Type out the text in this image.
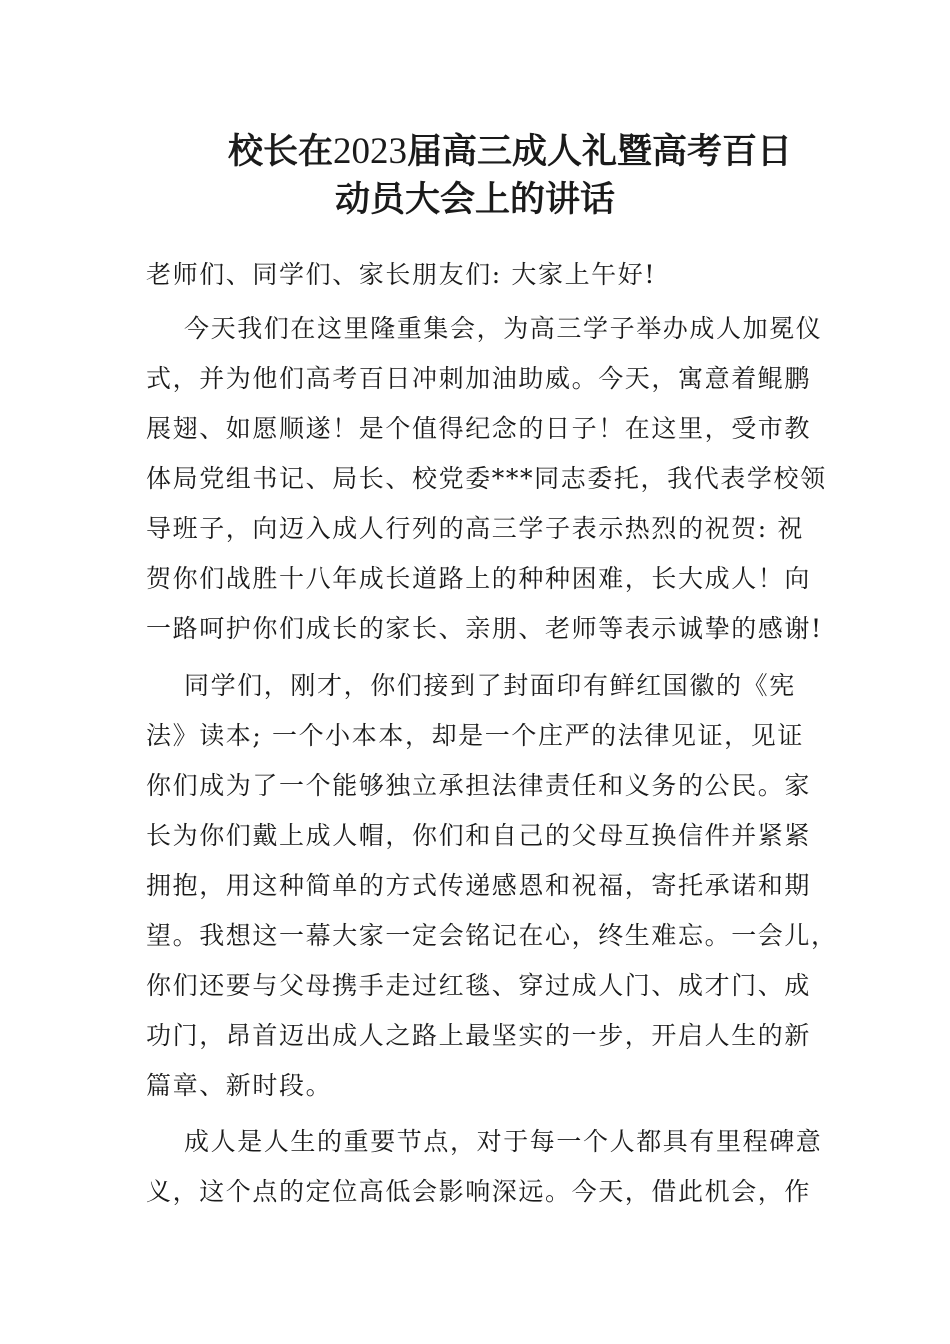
校长在2023届高三成人礼暨高考百日
动员大会上的讲话
老师们、同学们、家长朋友们: 大家上午好!
今天我们在这里隆重集会，为高三学子举办成人加冕仪
式，并为他们高考百日冲刺加油助威。今天，寓意着鲲鹏
展翅、如愿顺遂！是个值得纪念的日子！在这里，受市教
体局党组书记、局长、校党委***同志委托，我代表学校领
导班子，向迈入成人行列的高三学子表示热烈的祝贺: 祝
贺你们战胜十八年成长道路上的种种困难，长大成人！向
一路呵护你们成长的家长、亲朋、老师等表示诚挚的感谢!
同学们，刚才，你们接到了封面印有鲜红国徽的《宪
法》读本; 一个小本本，却是一个庄严的法律见证，见证
你们成为了一个能够独立承担法律责任和义务的公民。家
长为你们戴上成人帽，你们和自己的父母互换信件并紧紧
拥抱，用这种简单的方式传递感恩和祝福，寄托承诺和期
望。我想这一幕大家一定会铭记在心，终生难忘。一会儿，
你们还要与父母携手走过红毯、穿过成人门、成才门、成
功门，昂首迈出成人之路上最坚实的一步，开启人生的新
篇章、新时段。
成人是人生的重要节点，对于每一个人都具有里程碑意
义，这个点的定位高低会影响深远。今天，借此机会，作
